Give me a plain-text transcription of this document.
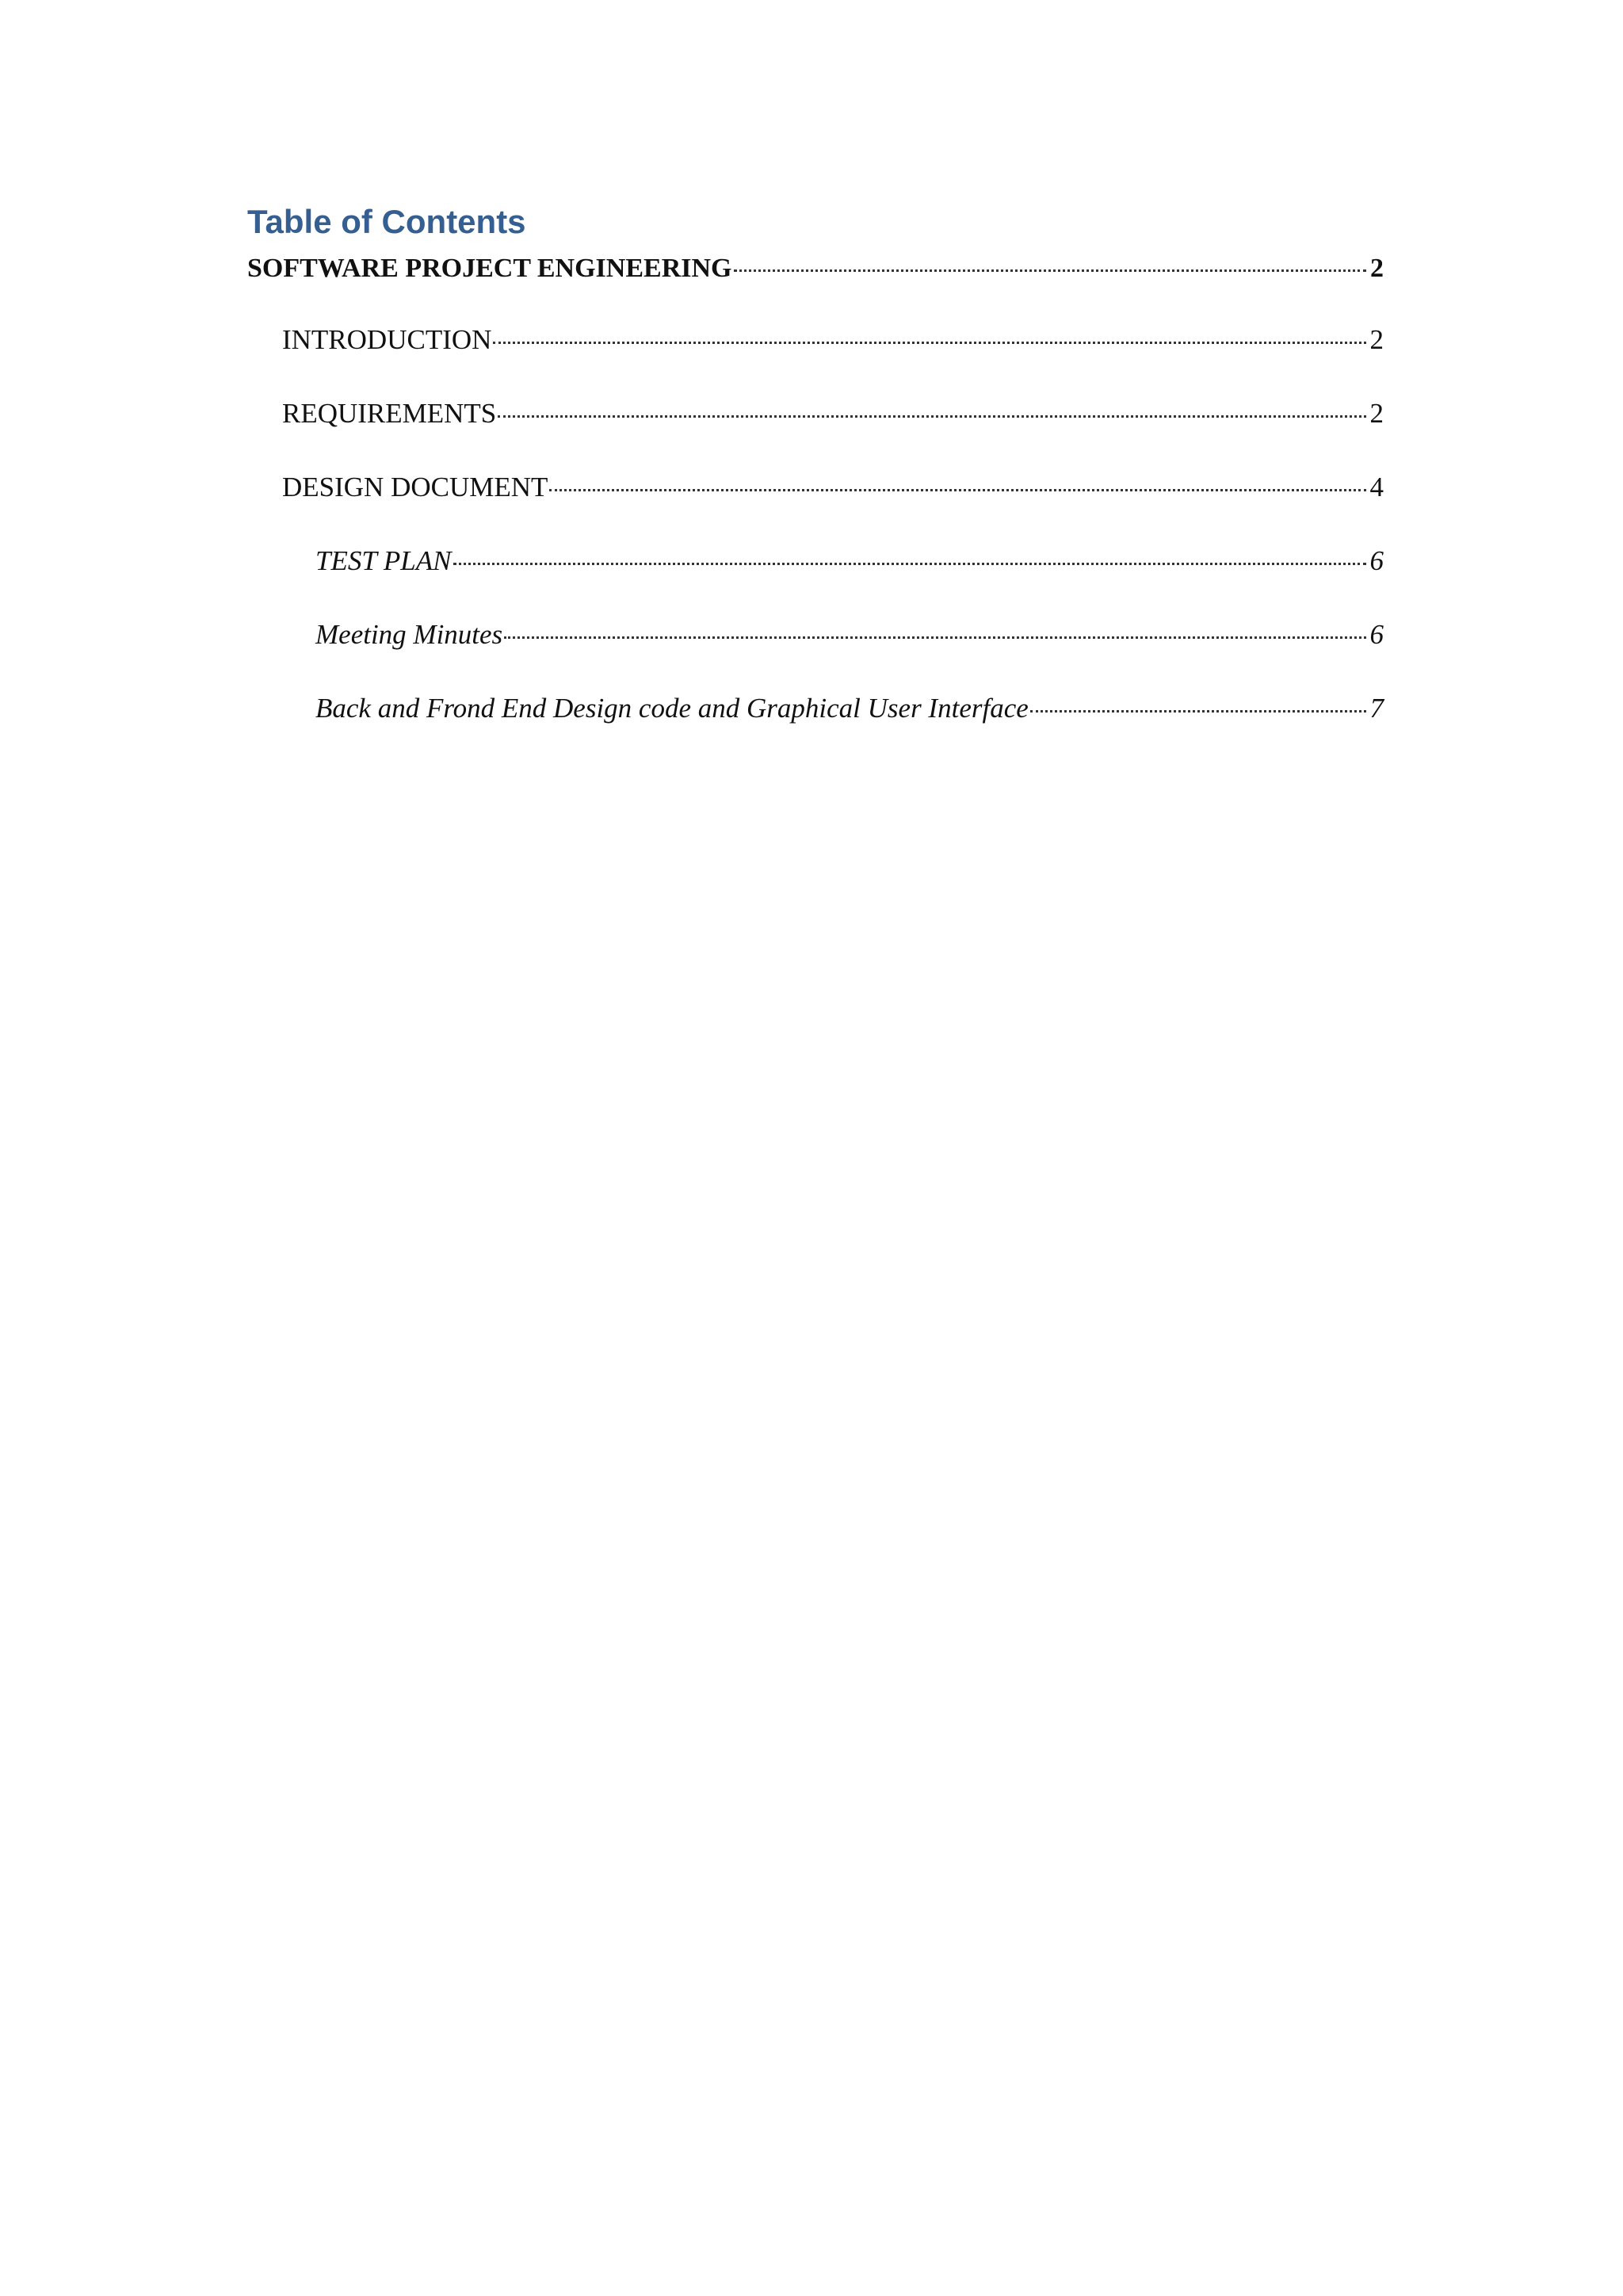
Table of Contents
SOFTWARE PROJECT ENGINEERING	2
INTRODUCTION	2
REQUIREMENTS	2
DESIGN DOCUMENT	4
TEST PLAN	6
Meeting Minutes	6
Back and Frond End Design code and Graphical User Interface	7
